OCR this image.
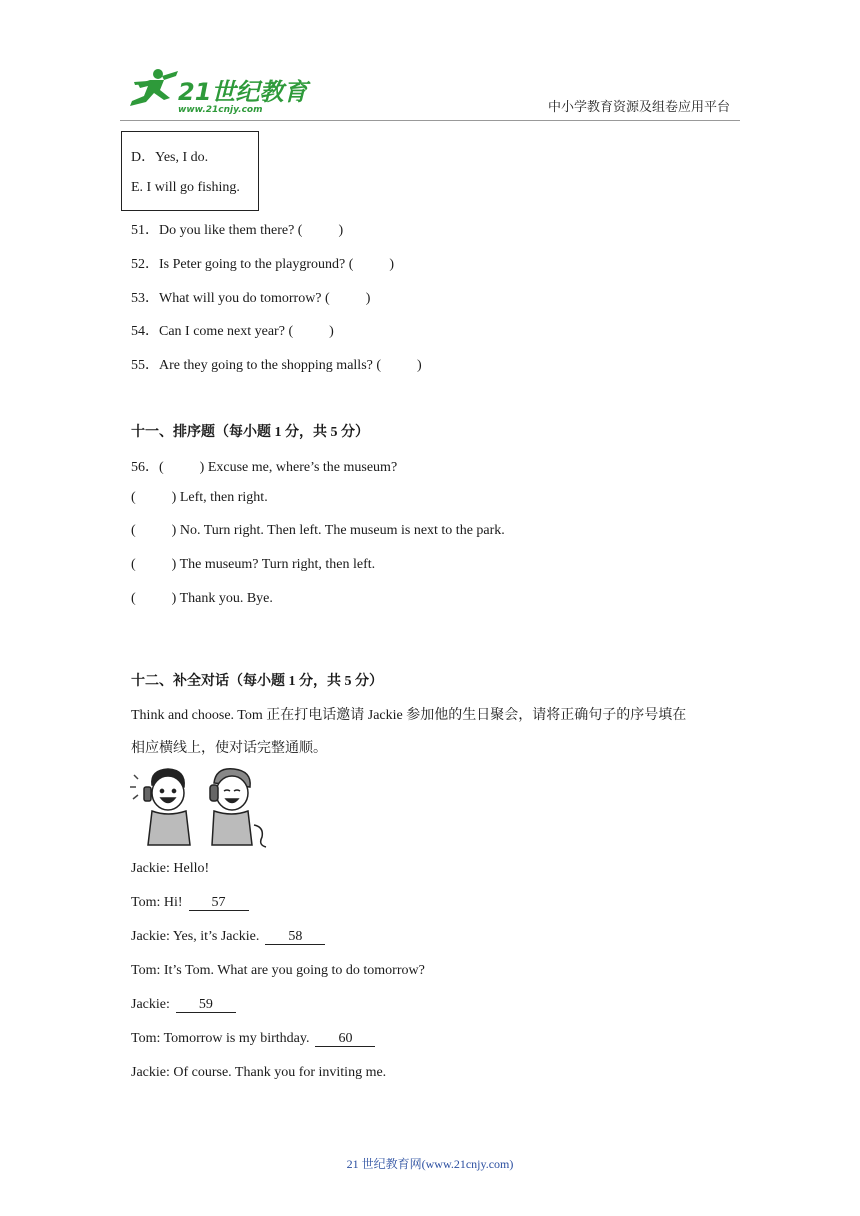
21世纪教育
www.21cnjy.com	中小学教育资源及组卷应用平台
D．Yes, I do.
E. I will go fishing.
51．Do you like them there? (	)
52．Is Peter going to the playground? (	)
53．What will you do tomorrow? (	)
54．Can I come next year? (	)
55．Are they going to the shopping malls? (	)
十一、排序题（每小题 1 分，共 5 分）
56．(	) Excuse me, where’s the museum?
(	) Left, then right.
(	) No. Turn right. Then left. The museum is next to the park.
(	) The museum? Turn right, then left.
(	) Thank you. Bye.
十二、补全对话（每小题 1 分，共 5 分）
Think and choose. Tom 正在打电话邀请 Jackie 参加他的生日聚会，请将正确句子的序号填在
相应横线上，使对话完整通顺。
Jackie: Hello!
Tom: Hi! 57
Jackie: Yes, it’s Jackie. 58
Tom: It’s Tom. What are you going to do tomorrow?
Jackie: 59
Tom: Tomorrow is my birthday. 60
Jackie: Of course. Thank you for inviting me.
21 世纪教育网(www.21cnjy.com)
